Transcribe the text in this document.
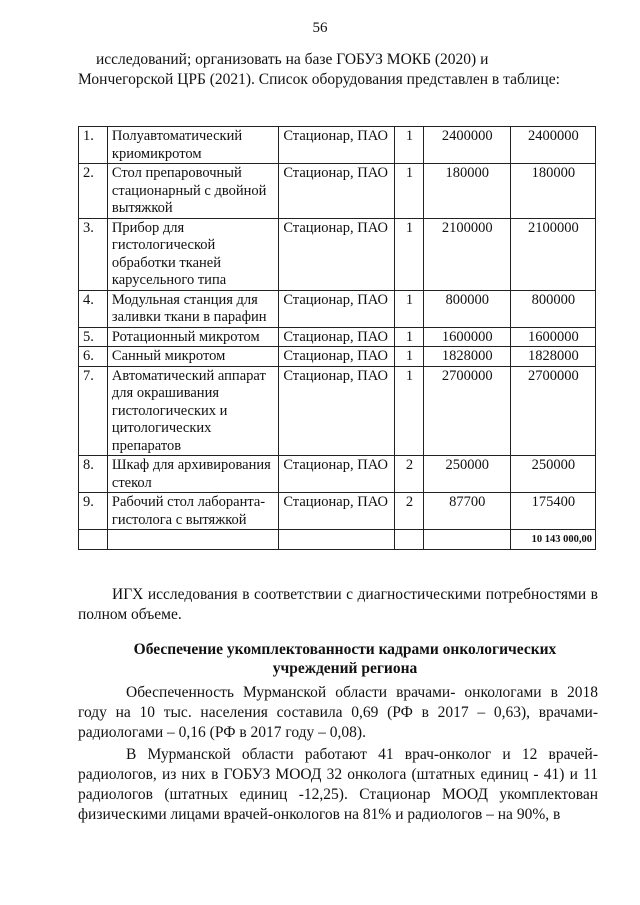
56

исследований; организовать на базе ГОБУЗ МОКБ (2020) и Мончегорской ЦРБ (2021). Список оборудования представлен в таблице:

1.	Полуавтоматический криомикротом	Стационар, ПАО	1	2400000	2400000
2.	Стол препаровочный стационарный с двойной вытяжкой	Стационар, ПАО	1	180000	180000
3.	Прибор для гистологической обработки тканей карусельного типа	Стационар, ПАО	1	2100000	2100000
4.	Модульная станция для заливки ткани в парафин	Стационар, ПАО	1	800000	800000
5.	Ротационный микротом	Стационар, ПАО	1	1600000	1600000
6.	Санный микротом	Стационар, ПАО	1	1828000	1828000
7.	Автоматический аппарат для окрашивания гистологических и цитологических препаратов	Стационар, ПАО	1	2700000	2700000
8.	Шкаф для архивирования стекол	Стационар, ПАО	2	250000	250000
9.	Рабочий стол лаборанта-гистолога с вытяжкой	Стационар, ПАО	2	87700	175400
					10 143 000,00

ИГХ исследования в соответствии с диагностическими потребностями в полном объеме.

Обеспечение укомплектованности кадрами онкологических учреждений региона

Обеспеченность Мурманской области врачами- онкологами в 2018 году на 10 тыс. населения составила 0,69 (РФ в 2017 – 0,63), врачами-радиологами – 0,16 (РФ в 2017 году – 0,08).

В Мурманской области работают 41 врач-онколог и 12 врачей-радиологов, из них в ГОБУЗ МООД 32 онколога (штатных единиц - 41) и 11 радиологов (штатных единиц -12,25). Стационар МООД укомплектован физическими лицами врачей-онкологов на 81% и радиологов – на 90%, в
